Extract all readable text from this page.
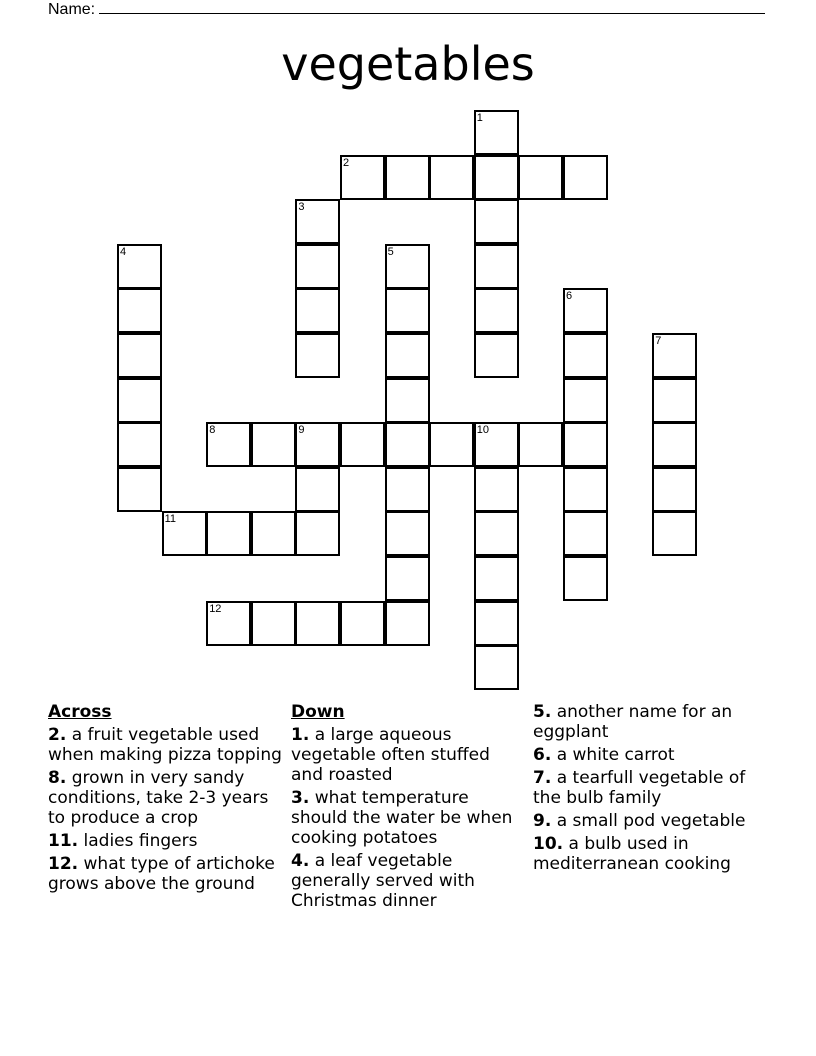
Name:
vegetables
1
2
3
4	5
6
7
8	9	10
11
12
Across
2. a fruit vegetable used when making pizza topping
8. grown in very sandy conditions, take 2-3 years to produce a crop
11. ladies fingers
12. what type of artichoke grows above the ground
Down
1. a large aqueous vegetable often stuffed and roasted
3. what temperature should the water be when cooking potatoes
4. a leaf vegetable generally served with Christmas dinner
5. another name for an eggplant
6. a white carrot
7. a tearfull vegetable of the bulb family
9. a small pod vegetable
10. a bulb used in mediterranean cooking
